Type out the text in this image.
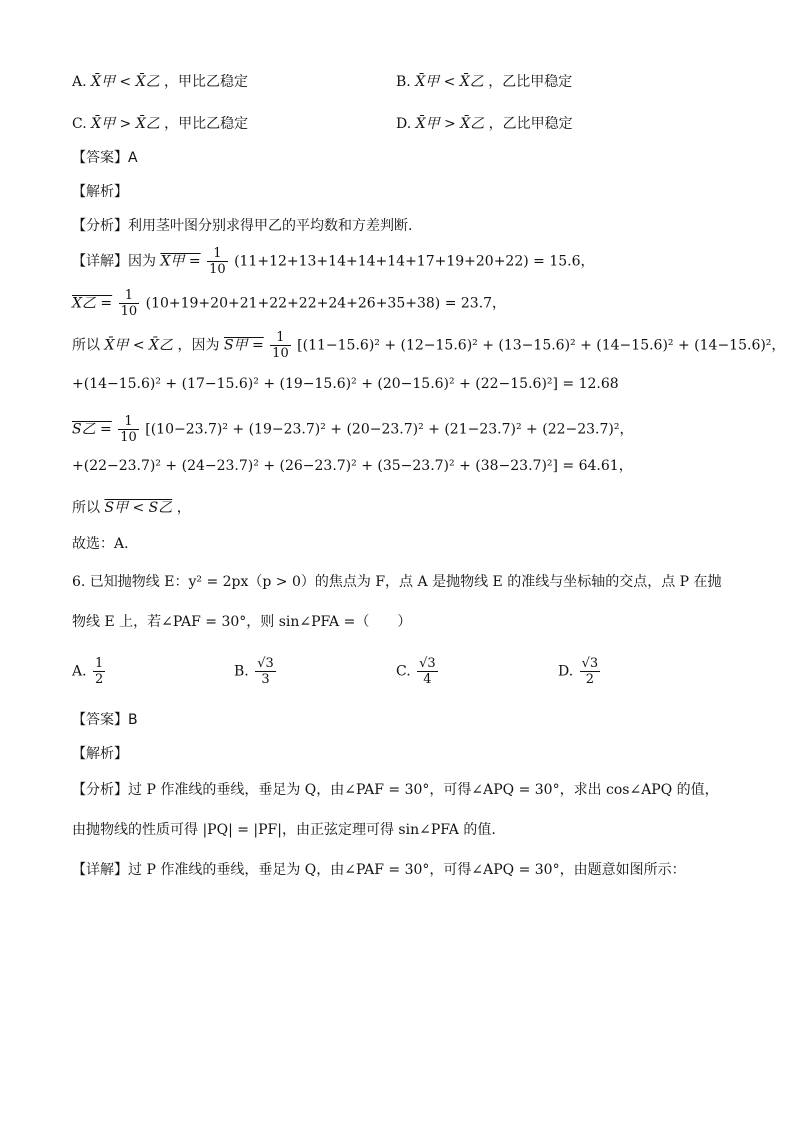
A. X̄甲 < X̄乙 ，甲比乙稳定	B. X̄甲 < X̄乙 ，乙比甲稳定
C. X̄甲 > X̄乙 ，甲比乙稳定	D. X̄甲 > X̄乙 ，乙比甲稳定
【答案】A
【解析】
【分析】利用茎叶图分别求得甲乙的平均数和方差判断.
【详解】因为 X甲 = $\frac{1}{10} (11+12+13+14+14+14+17+19+20+22) = 15.6$，
X乙 = $\frac{1}{10} (10+19+20+21+22+22+24+26+35+38) = 23.7$，
所以 X̄甲 < X̄乙 ，因为 S甲 = $\frac{1}{10} [(11-15.6)^2 + (12-15.6)^2 + (13-15.6)^2 + (14-15.6)^2 + (14-15.6)^2$，
+(14−15.6)² + (17−15.6)² + (19−15.6)² + (20−15.6)² + (22−15.6)²] = 12.68
S乙 = $\frac{1}{10} [(10-23.7)^2 + (19-23.7)^2 + (20-23.7)^2 + (21-23.7)^2 + (22-23.7)^2$，
+(22−23.7)² + (24−23.7)² + (26−23.7)² + (35−23.7)² + (38−23.7)²] = 64.61，
所以 S甲 < S乙 ，
故选：A.
6. 已知抛物线 E：y² = 2px（p > 0）的焦点为 F，点 A 是抛物线 E 的准线与坐标轴的交点，点 P 在抛
物线 E 上，若∠PAF = 30°，则 sin∠PFA =（　　）
A. $\frac{1}{2}$	B. $\frac{√3}{3}$	C. $\frac{√3}{4}$	D. $\frac{√3}{2}$
【答案】B
【解析】
【分析】过 P 作准线的垂线，垂足为 Q，由∠PAF = 30°，可得∠APQ = 30°，求出 cos∠APQ 的值，
由抛物线的性质可得 |PQ| = |PF|，由正弦定理可得 sin∠PFA 的值.
【详解】过 P 作准线的垂线，垂足为 Q，由∠PAF = 30°，可得∠APQ = 30°，由题意如图所示：
